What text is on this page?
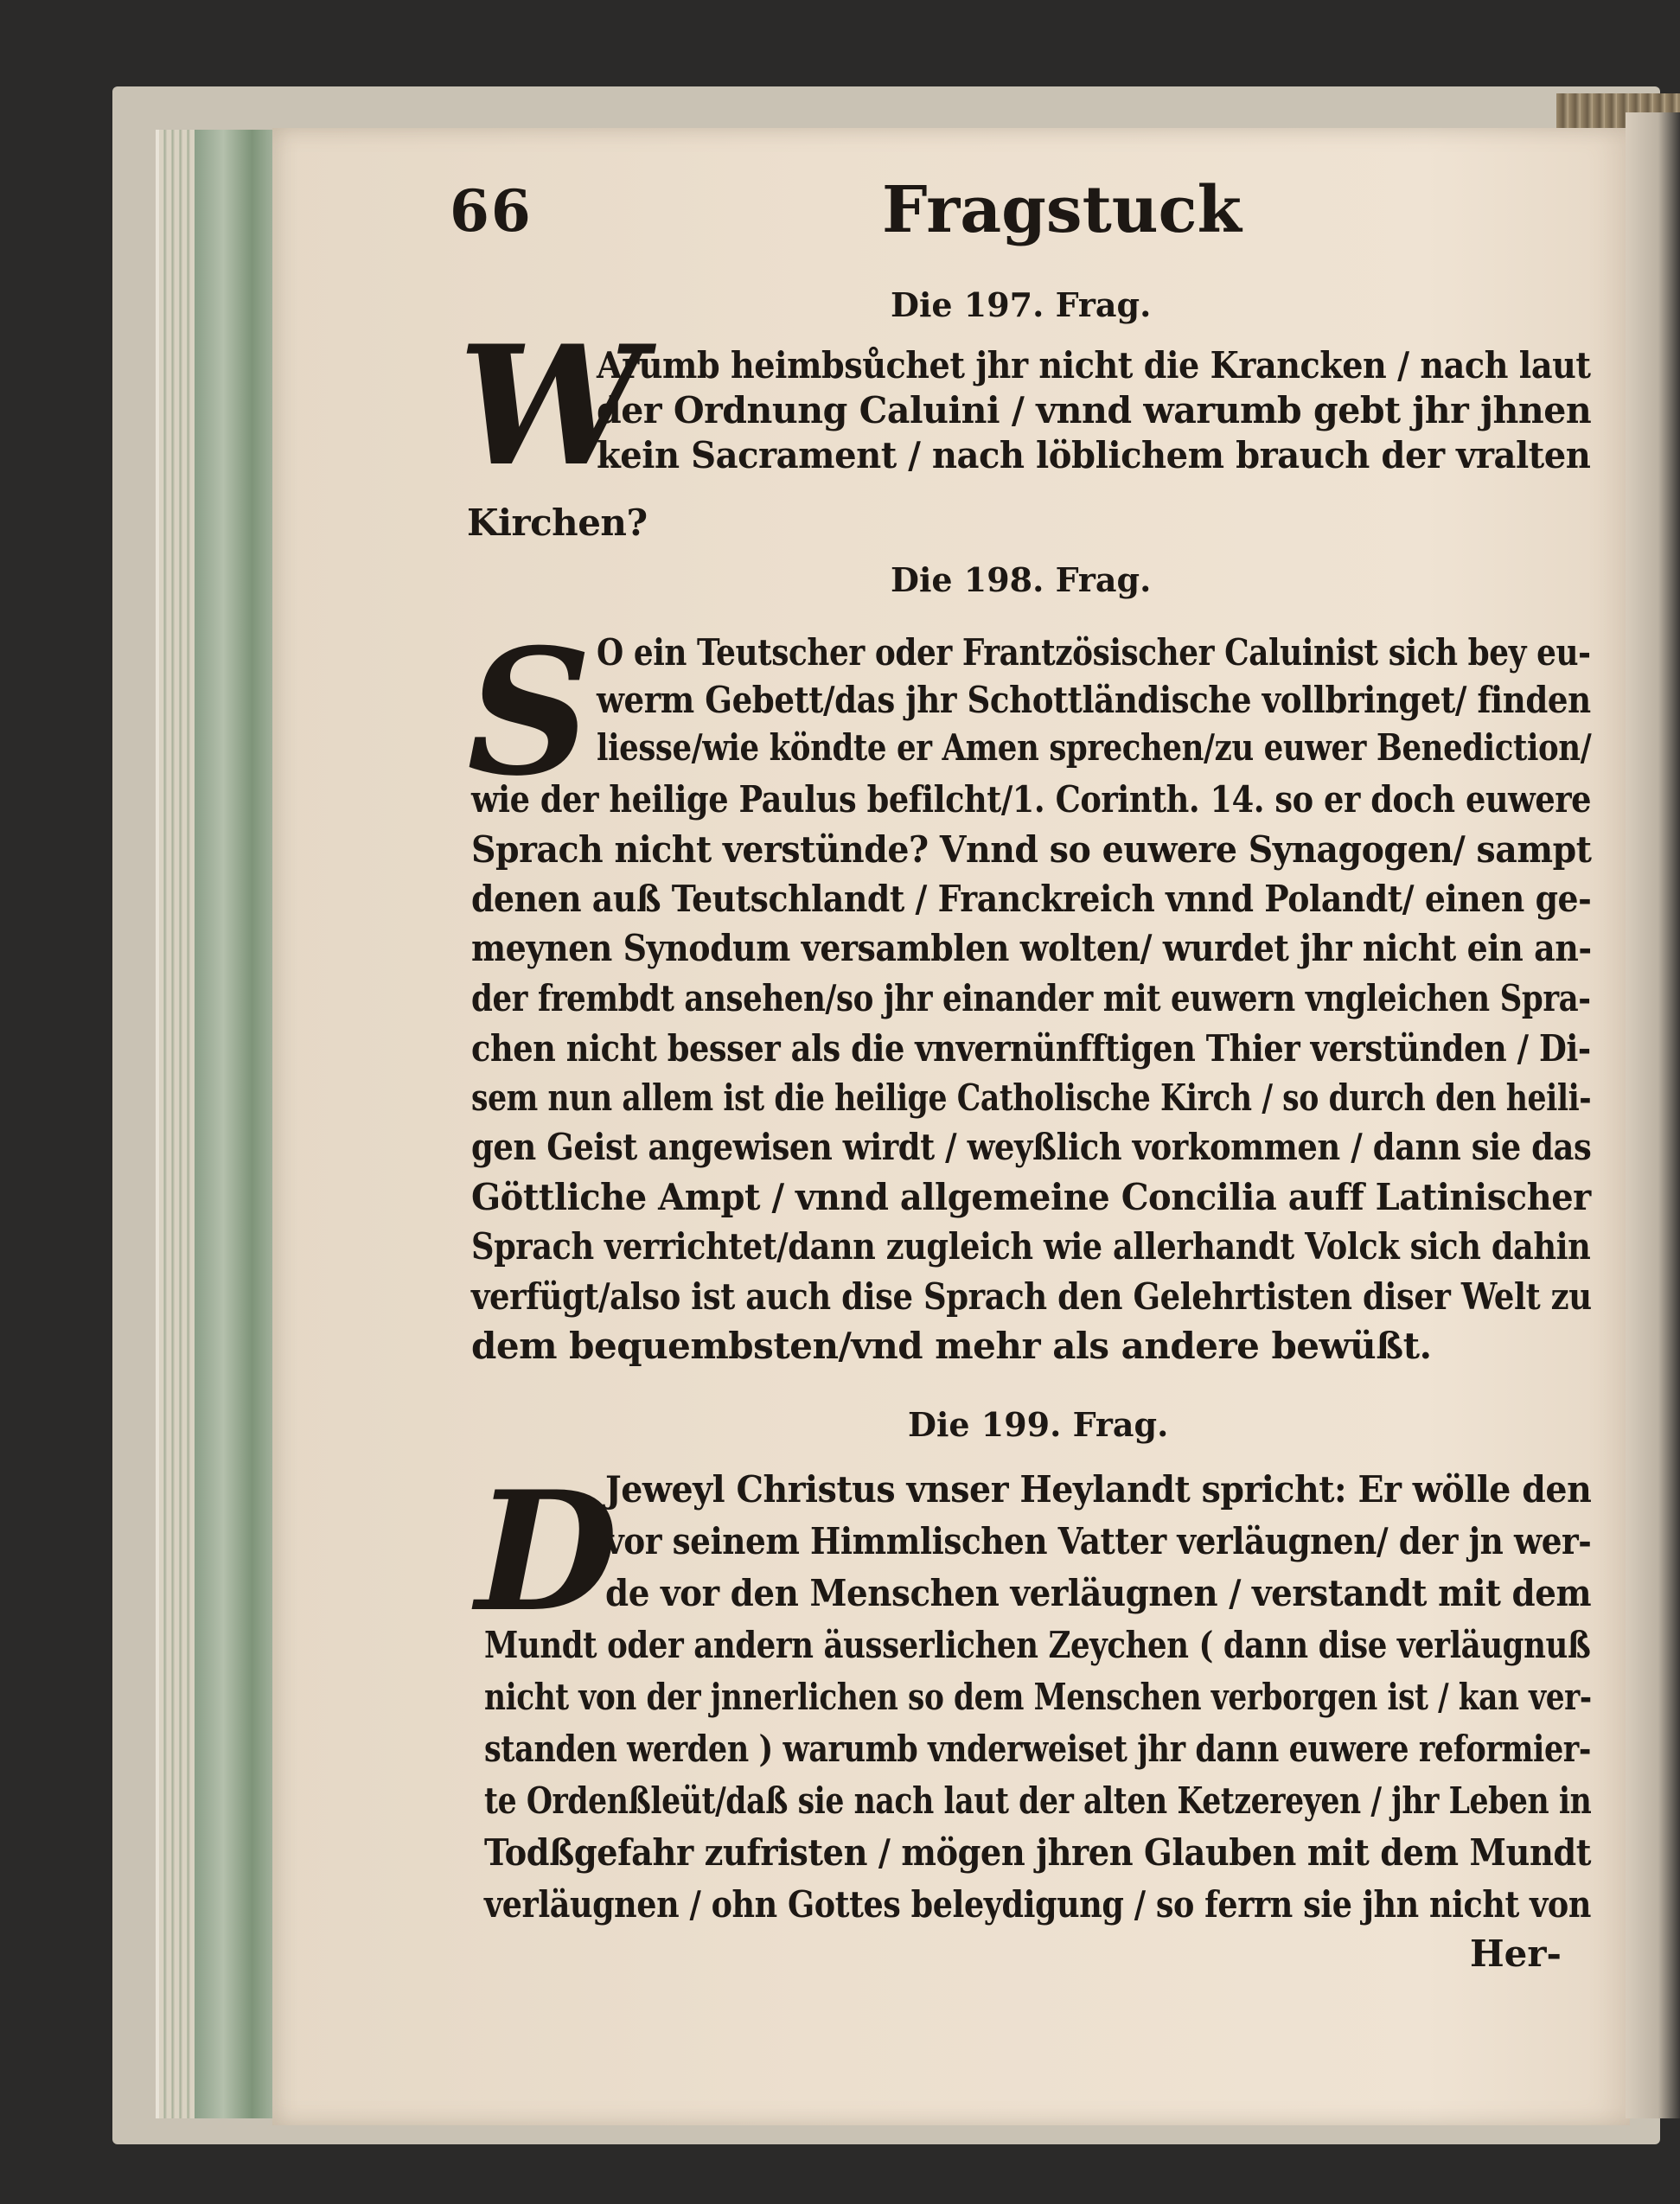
66	Fragstuck

Die 197. Frag.

W

Arumb heimbsůchet jhr nicht die Krancken / nach laut

der Ordnung Caluini / vnnd warumb gebt jhr jhnen

kein Sacrament / nach löblichem brauch der vralten

Kirchen?

Die 198. Frag.

S O ein Teutscher oder Frantzösischer Caluinist sich bey eu-

werm Gebett/das jhr Schottländische vollbringet/ finden

liesse/wie köndte er Amen sprechen/zu euwer Benediction/

wie der heilige Paulus befilcht/1. Corinth. 14. so er doch euwere

Sprach nicht verstünde? Vnnd so euwere Synagogen/ sampt

denen auß Teutschlandt / Franckreich vnnd Polandt/ einen ge-

meynen Synodum versamblen wolten/ wurdet jhr nicht ein an-

der frembdt ansehen/so jhr einander mit euwern vngleichen Spra-

chen nicht besser als die vnvernünfftigen Thier verstünden / Di-

sem nun allem ist die heilige Catholische Kirch / so durch den heili-

gen Geist angewisen wirdt / weyßlich vorkommen / dann sie das

Göttliche Ampt / vnnd allgemeine Concilia auff Latinischer

Sprach verrichtet/dann zugleich wie allerhandt Volck sich dahin

verfügt/also ist auch dise Sprach den Gelehrtisten diser Welt zu

dem bequembsten/vnd mehr als andere bewüßt.

Die 199. Frag.

D

Jeweyl Christus vnser Heylandt spricht: Er wölle den

vor seinem Himmlischen Vatter verläugnen/ der jn wer-

de vor den Menschen verläugnen / verstandt mit dem

Mundt oder andern äusserlichen Zeychen ( dann dise verläugnuß

nicht von der jnnerlichen so dem Menschen verborgen ist / kan ver-

standen werden ) warumb vnderweiset jhr dann euwere reformier-

te Ordenßleüt/daß sie nach laut der alten Ketzereyen / jhr Leben in

Todßgefahr zufristen / mögen jhren Glauben mit dem Mundt

verläugnen / ohn Gottes beleydigung / so ferrn sie jhn nicht von

Her-
